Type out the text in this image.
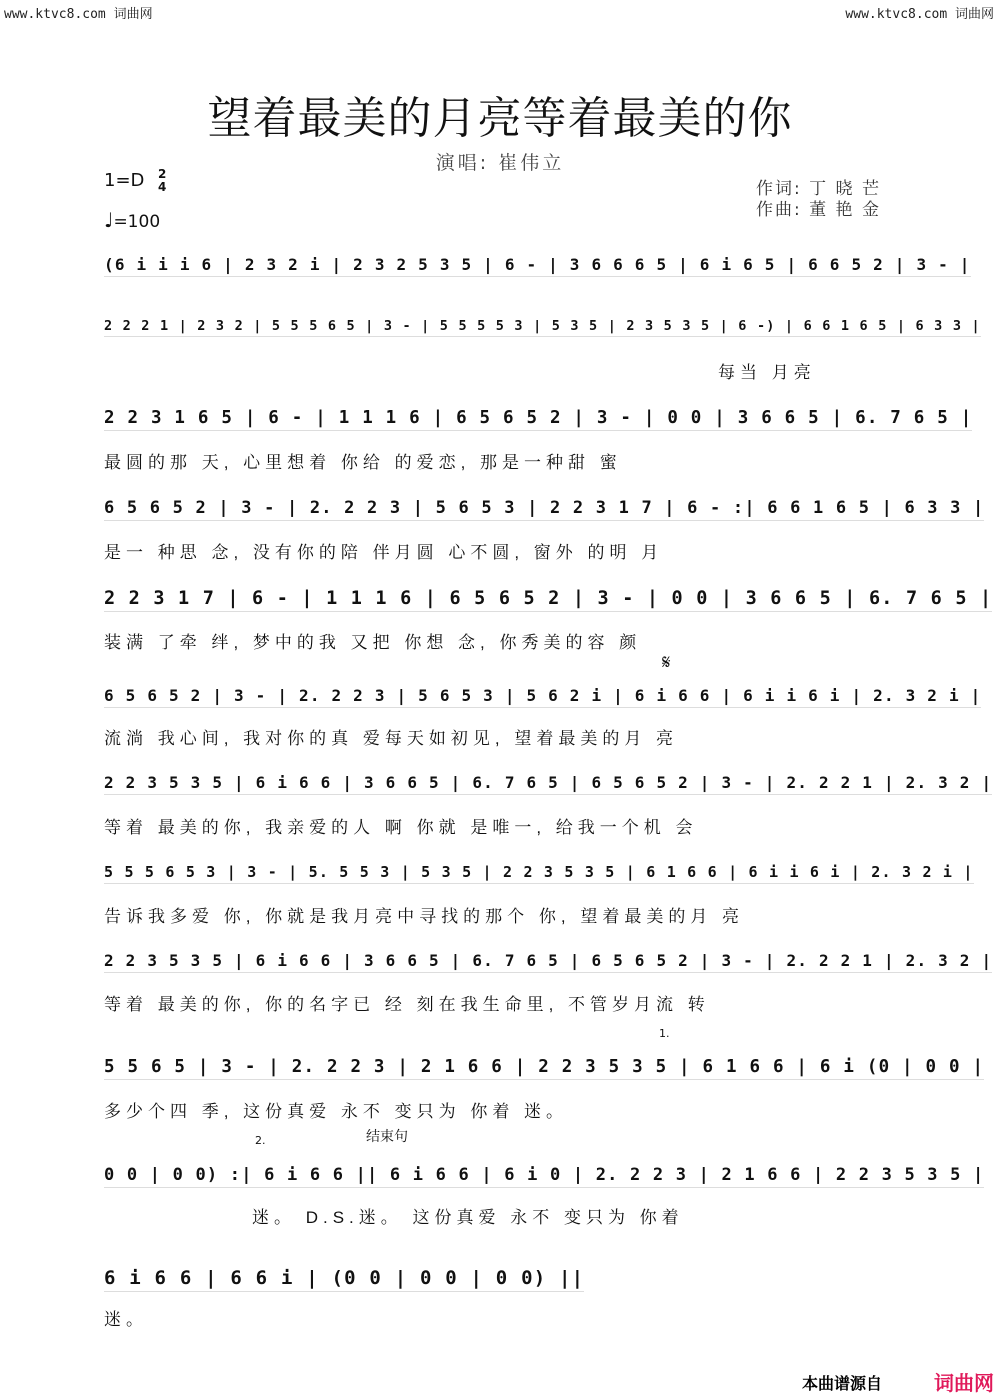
www.ktvc8.com 词曲网	www.ktvc8.com 词曲网
望着最美的月亮等着最美的你
演唱: 崔伟立
作词: 丁 晓 芒
作曲: 董 艳 金
1=D 2
4
♩=100
(6 i i i 6 | 2 3 2 i | 2 3 2 5 3 5 | 6 - | 3 6 6 6 5 | 6 i 6 5 | 6 6 5 2 | 3 - |
2 2 2 1 | 2 3 2 | 5 5 5 6 5 | 3 - | 5 5 5 5 3 | 5 3 5 | 2 3 5 3 5 | 6 -) | 6 6 1 6 5 | 6 3 3 |
每当 月亮
2 2 3 1 6 5 | 6 - | 1 1 1 6 | 6 5 6 5 2 | 3 - | 0 0 | 3 6 6 5 | 6. 7 6 5 |
最圆的那 天, 心里想着 你给 的爱恋, 那是一种甜 蜜
6 5 6 5 2 | 3 - | 2. 2 2 3 | 5 6 5 3 | 2 2 3 1 7 | 6 - :| 6 6 1 6 5 | 6 3 3 |
是一 种思 念, 没有你的陪 伴月圆 心不圆, 窗外 的明 月
2 2 3 1 7 | 6 - | 1 1 1 6 | 6 5 6 5 2 | 3 - | 0 0 | 3 6 6 5 | 6. 7 6 5 |
装满 了牵 绊, 梦中的我 又把 你想 念, 你秀美的容 颜
6 5 6 5 2 | 3 - | 2. 2 2 3 | 5 6 5 3 | 5 6 2 i | 6 i 6 6 | 6 i i 6 i | 2. 3 2 i |
流淌 我心间, 我对你的真 爱每天如初见, 望着最美的月 亮
2 2 3 5 3 5 | 6 i 6 6 | 3 6 6 5 | 6. 7 6 5 | 6 5 6 5 2 | 3 - | 2. 2 2 1 | 2. 3 2 |
等着 最美的你, 我亲爱的人 啊 你就 是唯一, 给我一个机 会
5 5 5 6 5 3 | 3 - | 5. 5 5 3 | 5 3 5 | 2 2 3 5 3 5 | 6 1 6 6 | 6 i i 6 i | 2. 3 2 i |
告诉我多爱 你, 你就是我月亮中寻找的那个 你, 望着最美的月 亮
2 2 3 5 3 5 | 6 i 6 6 | 3 6 6 5 | 6. 7 6 5 | 6 5 6 5 2 | 3 - | 2. 2 2 1 | 2. 3 2 |
等着 最美的你, 你的名字已 经 刻在我生命里, 不管岁月流 转
5 5 6 5 | 3 - | 2. 2 2 3 | 2 1 6 6 | 2 2 3 5 3 5 | 6 1 6 6 | 6 i (0 | 0 0 |
多少个四 季, 这份真爱 永不 变只为 你着 迷。
0 0 | 0 0) :| 6 i 6 6 || 6 i 6 6 | 6 i 0 | 2. 2 2 3 | 2 1 6 6 | 2 2 3 5 3 5 |
迷。 D.S.迷。 这份真爱 永不 变只为 你着
6 i 6 6 | 6 6 i | (0 0 | 0 0 | 0 0) ||
迷。
𝄋
1.
2.	结束句
本曲谱源自	词曲网
